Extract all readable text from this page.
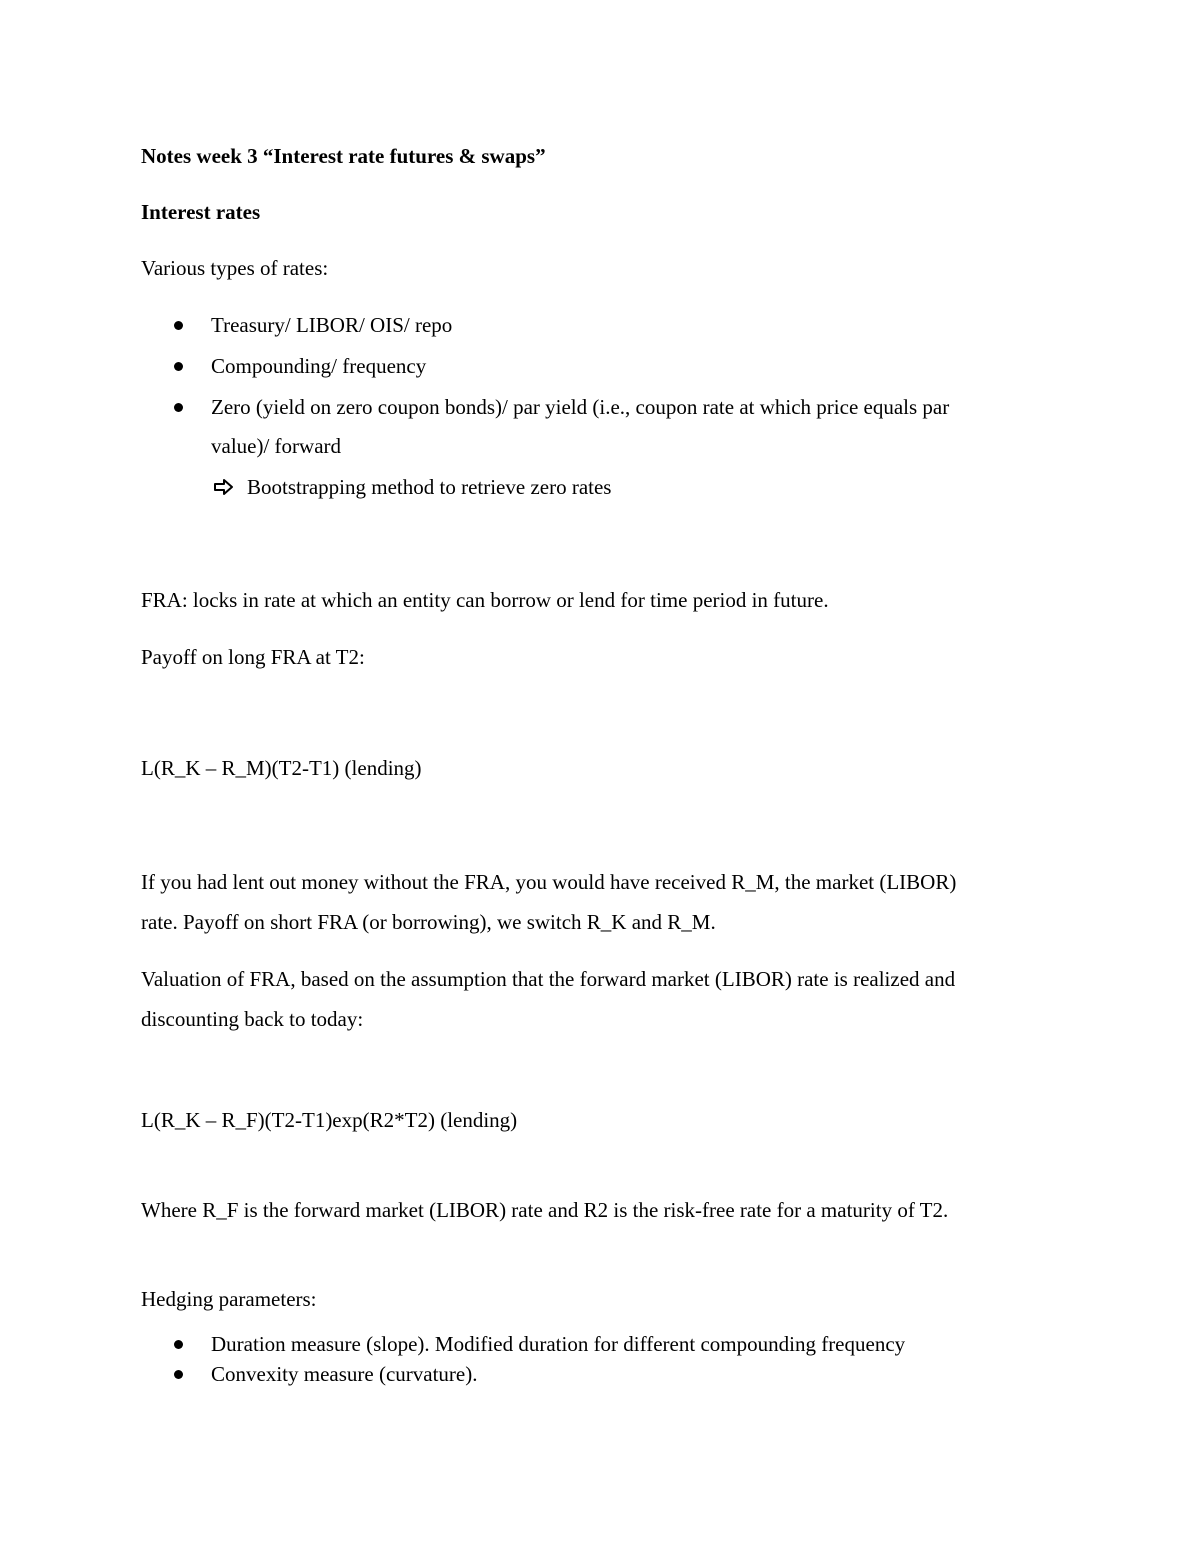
Notes week 3 “Interest rate futures & swaps”
Interest rates
Various types of rates:
Treasury/ LIBOR/ OIS/ repo
Compounding/ frequency
Zero (yield on zero coupon bonds)/ par yield (i.e., coupon rate at which price equals par
value)/ forward
Bootstrapping method to retrieve zero rates
FRA: locks in rate at which an entity can borrow or lend for time period in future.
Payoff on long FRA at T2:
L(R_K – R_M)(T2-T1) (lending)
If you had lent out money without the FRA, you would have received R_M, the market (LIBOR)
rate. Payoff on short FRA (or borrowing), we switch R_K and R_M.
Valuation of FRA, based on the assumption that the forward market (LIBOR) rate is realized and
discounting back to today:
L(R_K – R_F)(T2-T1)exp(R2*T2) (lending)
Where R_F is the forward market (LIBOR) rate and R2 is the risk-free rate for a maturity of T2.
Hedging parameters:
Duration measure (slope). Modified duration for different compounding frequency
Convexity measure (curvature).
